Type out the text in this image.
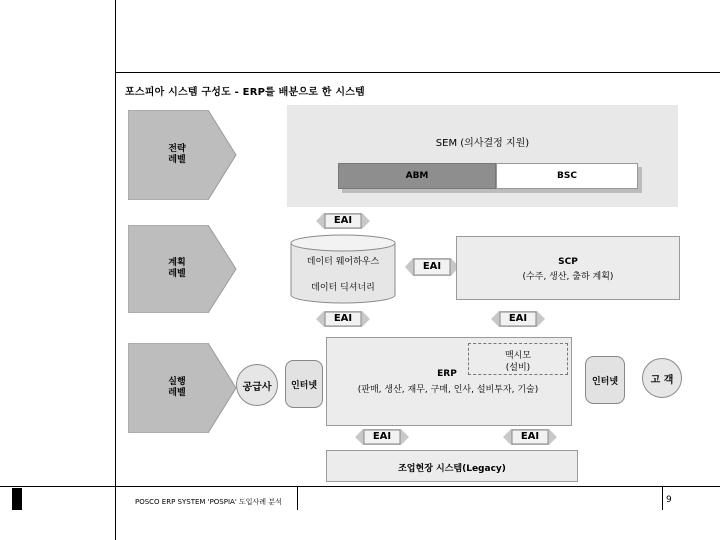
포스피아 시스템 구성도 - ERP를 배분으로 한 시스템
전략
레벨
계획
레벨
실행
레벨
SEM (의사결정 지원)
ABM	BSC
EAI
EAI
EAI	EAI
EAI	EAI
데이터 웨어하우스
데이터 딕셔너리
SCP
(수주, 생산, 출하 계획)
공급사	인터넷
ERP
(판매, 생산, 재무, 구매, 인사, 설비투자, 기술)
맥시모
(설비)
인터넷	고 객
조업현장 시스템(Legacy)
POSCO ERP SYSTEM 'POSPIA' 도입사례 분석	9
